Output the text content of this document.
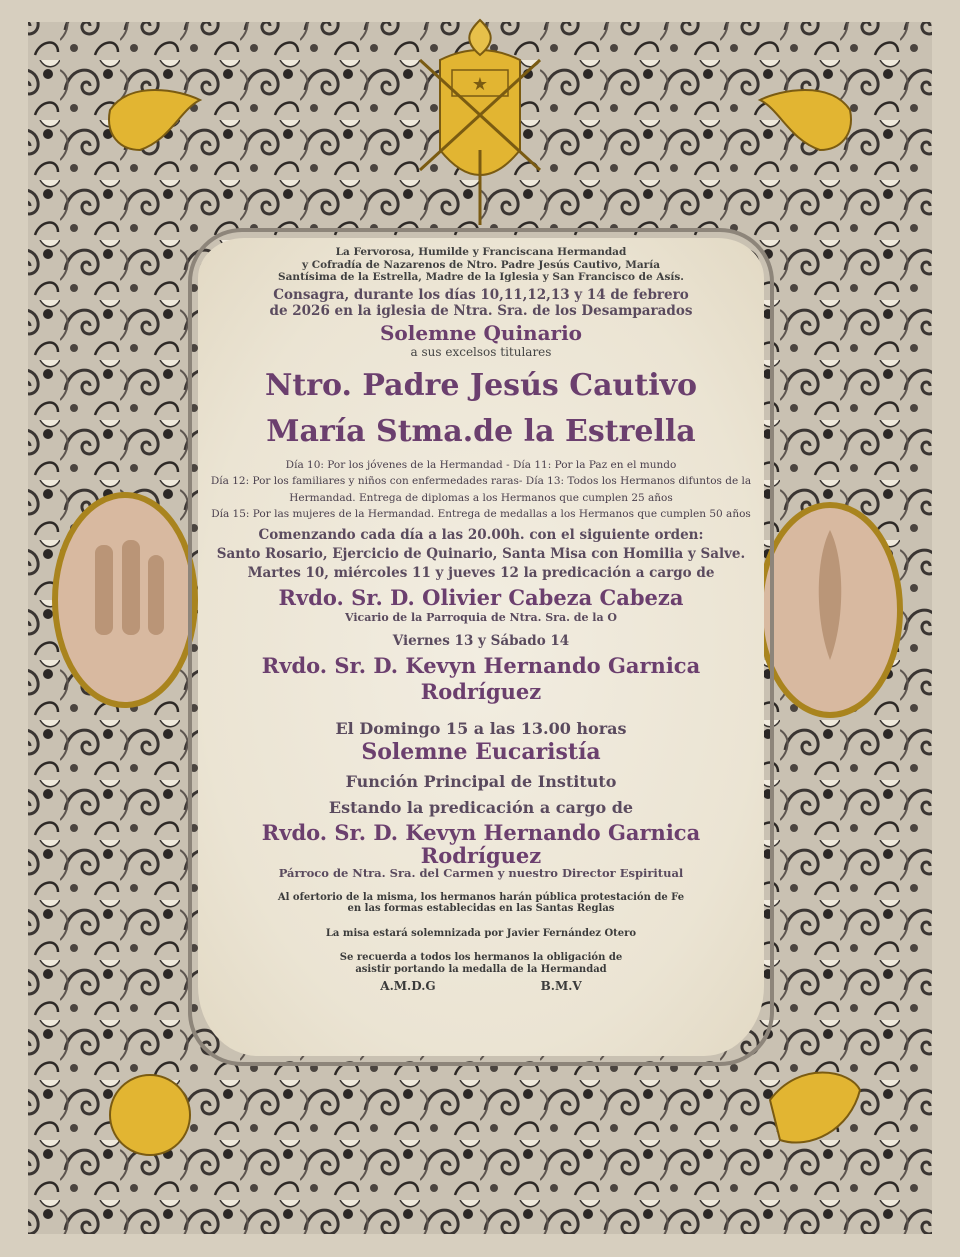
★
La Fervorosa, Humilde y Franciscana Hermandad
y Cofradía de Nazarenos de Ntro. Padre Jesús Cautivo, María
Santísima de la Estrella, Madre de la Iglesia y San Francisco de Asís.
Consagra, durante los días 10,11,12,13 y 14 de febrero
de 2026 en la iglesia de Ntra. Sra. de los Desamparados
Solemne Quinario
a sus excelsos titulares
Ntro. Padre Jesús Cautivo
María Stma.de la Estrella
Día 10: Por los jóvenes de la Hermandad - Día 11: Por la Paz en el mundo
Día 12: Por los familiares y niños con enfermedades raras- Día 13: Todos los Hermanos difuntos de la
Hermandad. Entrega de diplomas a los Hermanos que cumplen 25 años
Día 15: Por las mujeres de la Hermandad. Entrega de medallas a los Hermanos que cumplen 50 años
Comenzando cada día a las 20.00h. con el siguiente orden:
Santo Rosario, Ejercicio de Quinario, Santa Misa con Homilia y Salve.
Martes 10, miércoles 11 y jueves 12 la predicación a cargo de
Rvdo. Sr. D. Olivier Cabeza Cabeza
Vicario de la Parroquia de Ntra. Sra. de la O
Viernes 13 y Sábado 14
Rvdo. Sr. D. Kevyn Hernando Garnica
Rodríguez
El Domingo 15 a las 13.00 horas
Solemne Eucaristía
Función Principal de Instituto
Estando la predicación a cargo de
Rvdo. Sr. D. Kevyn Hernando Garnica
Rodríguez
Párroco de Ntra. Sra. del Carmen y nuestro Director Espiritual
Al ofertorio de la misma, los hermanos harán pública protestación de Fe
en las formas establecidas en las Santas Reglas
La misa estará solemnizada por Javier Fernández Otero
Se recuerda a todos los hermanos la obligación de
asistir portando la medalla de la Hermandad
A.M.D.G	B.M.V
